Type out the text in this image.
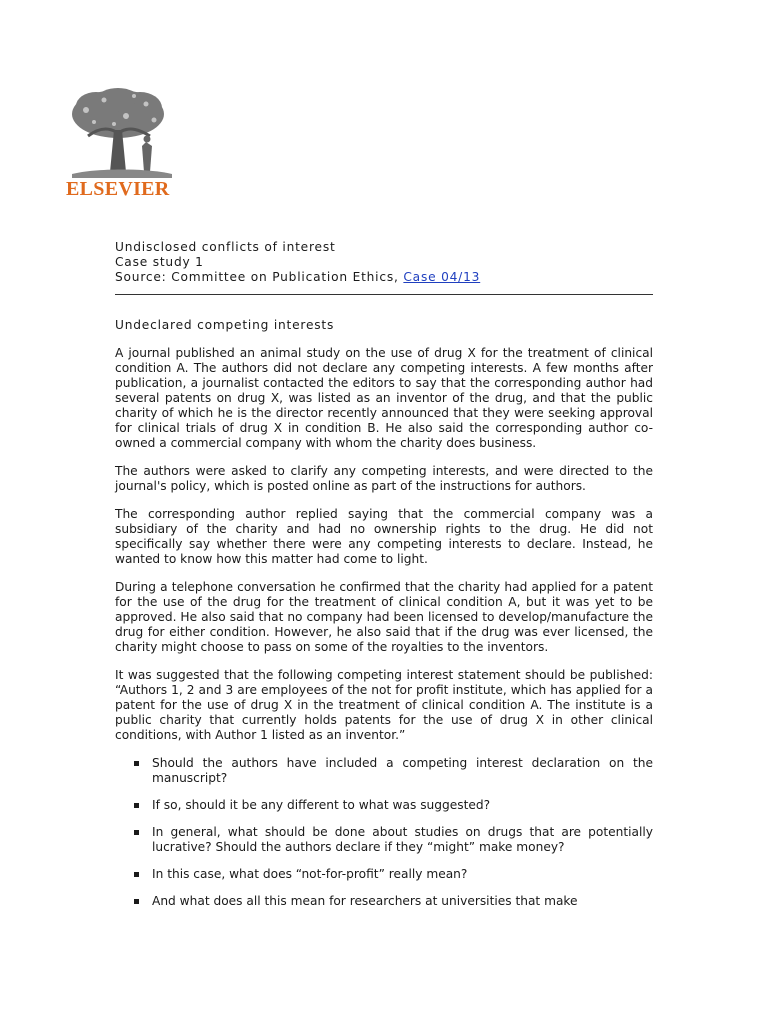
ELSEVIER
Undisclosed conflicts of interest
Case study 1
Source: Committee on Publication Ethics, Case 04/13
Undeclared competing interests

A journal published an animal study on the use of drug X for the treatment of clinical condition A. The authors did not declare any competing interests. A few months after publication, a journalist contacted the editors to say that the corresponding author had several patents on drug X, was listed as an inventor of the drug, and that the public charity of which he is the director recently announced that they were seeking approval for clinical trials of drug X in condition B. He also said the corresponding author co-owned a commercial company with whom the charity does business.

The authors were asked to clarify any competing interests, and were directed to the journal's policy, which is posted online as part of the instructions for authors.

The corresponding author replied saying that the commercial company was a subsidiary of the charity and had no ownership rights to the drug. He did not specifically say whether there were any competing interests to declare. Instead, he wanted to know how this matter had come to light.

During a telephone conversation he confirmed that the charity had applied for a patent for the use of the drug for the treatment of clinical condition A, but it was yet to be approved. He also said that no company had been licensed to develop/manufacture the drug for either condition. However, he also said that if the drug was ever licensed, the charity might choose to pass on some of the royalties to the inventors.

It was suggested that the following competing interest statement should be published: “Authors 1, 2 and 3 are employees of the not for profit institute, which has applied for a patent for the use of drug X in the treatment of clinical condition A. The institute is a public charity that currently holds patents for the use of drug X in other clinical conditions, with Author 1 listed as an inventor.”

Should the authors have included a competing interest declaration on the manuscript?
If so, should it be any different to what was suggested?
In general, what should be done about studies on drugs that are potentially lucrative? Should the authors declare if they “might” make money?
In this case, what does “not-for-profit” really mean?
And what does all this mean for researchers at universities that make
